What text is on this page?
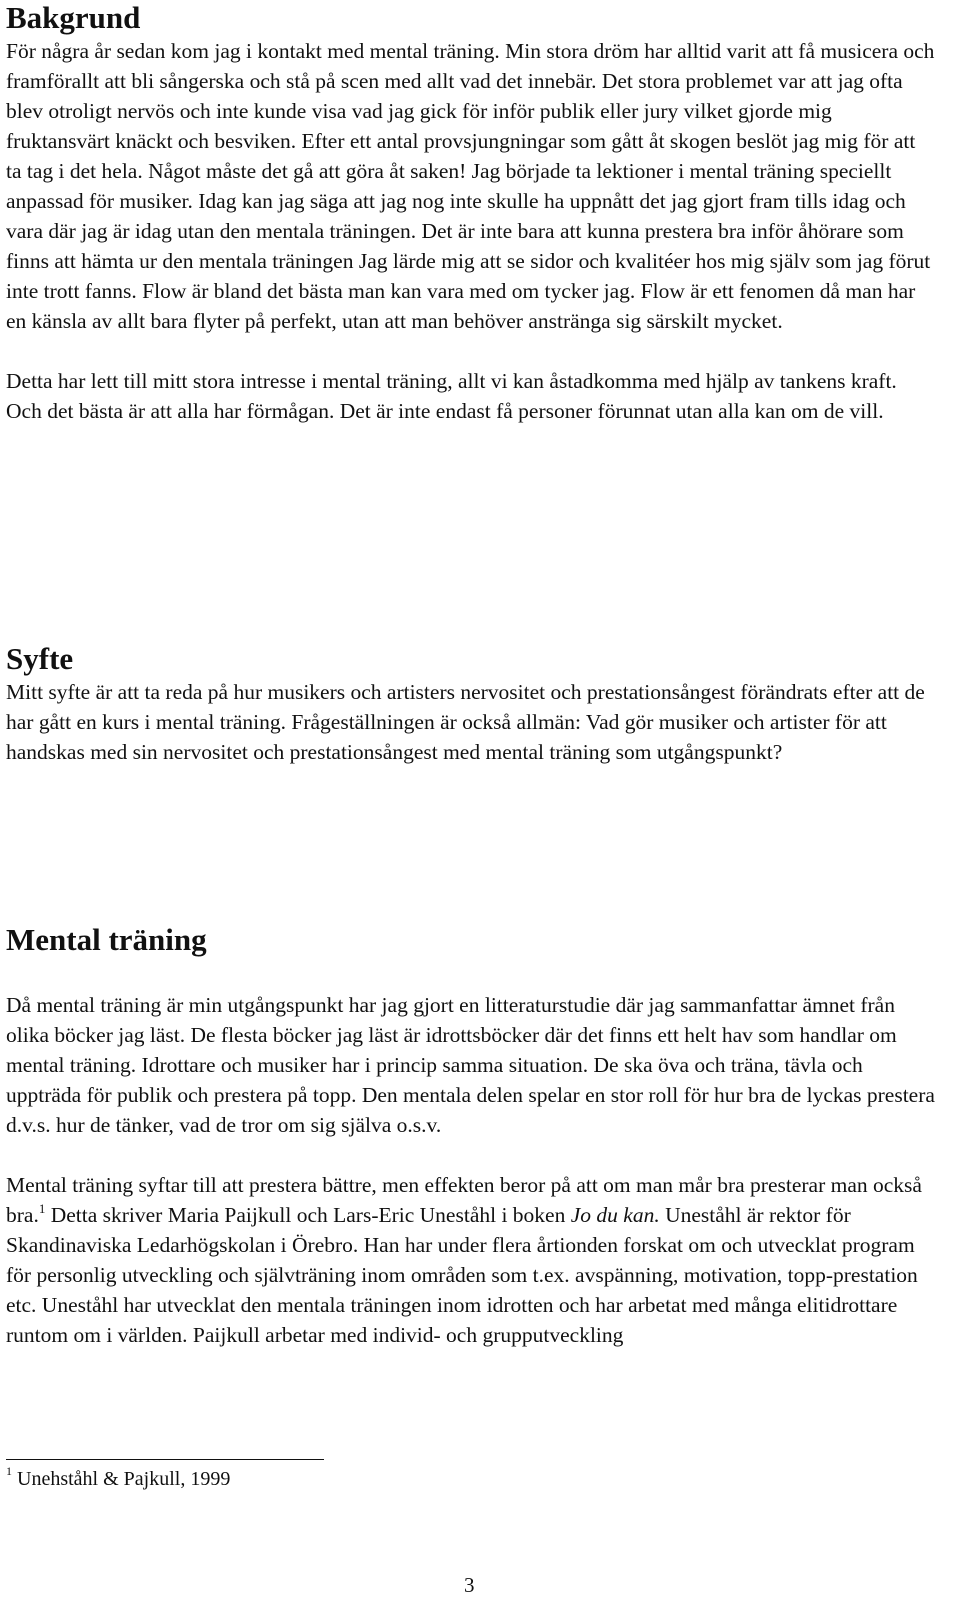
Bakgrund

För några år sedan kom jag i kontakt med mental träning. Min stora dröm har alltid varit att få musicera och framförallt att bli sångerska och stå på scen med allt vad det innebär. Det stora problemet var att jag ofta blev otroligt nervös och inte kunde visa vad jag gick för inför publik eller jury vilket gjorde mig fruktansvärt knäckt och besviken. Efter ett antal provsjungningar som gått åt skogen beslöt jag mig för att ta tag i det hela. Något måste det gå att göra åt saken! Jag började ta lektioner i mental träning speciellt anpassad för musiker. Idag kan jag säga att jag nog inte skulle ha uppnått det jag gjort fram tills idag och vara där jag är idag utan den mentala träningen. Det är inte bara att kunna prestera bra inför åhörare som finns att hämta ur den mentala träningen Jag lärde mig att se sidor och kvalitéer hos mig själv som jag förut inte trott fanns. Flow är bland det bästa man kan vara med om tycker jag. Flow är ett fenomen då man har en känsla av allt bara flyter på perfekt, utan att man behöver anstränga sig särskilt mycket.

Detta har lett till mitt stora intresse i mental träning, allt vi kan åstadkomma med hjälp av tankens kraft. Och det bästa är att alla har förmågan. Det är inte endast få personer förunnat utan alla kan om de vill.

Syfte

Mitt syfte är att ta reda på hur musikers och artisters nervositet och prestationsångest förändrats efter att de har gått en kurs i mental träning. Frågeställningen är också allmän: Vad gör musiker och artister för att handskas med sin nervositet och prestationsångest med mental träning som utgångspunkt?

Mental träning

Då mental träning är min utgångspunkt har jag gjort en litteraturstudie där jag sammanfattar ämnet från olika böcker jag läst. De flesta böcker jag läst är idrottsböcker där det finns ett helt hav som handlar om mental träning. Idrottare och musiker har i princip samma situation. De ska öva och träna, tävla och uppträda för publik och prestera på topp. Den mentala delen spelar en stor roll för hur bra de lyckas prestera d.v.s. hur de tänker, vad de tror om sig själva o.s.v.

Mental träning syftar till att prestera bättre, men effekten beror på att om man mår bra presterar man också bra.$^1$ Detta skriver Maria Paijkull och Lars-Eric Uneståhl i boken Jo du kan. Uneståhl är rektor för Skandinaviska Ledarhögskolan i Örebro. Han har under flera årtionden forskat om och utvecklat program för personlig utveckling och självträning inom områden som t.ex. avspänning, motivation, topp-prestation etc. Uneståhl har utvecklat den mentala träningen inom idrotten och har arbetat med många elitidrottare runtom om i världen. Paijkull arbetar med individ- och grupputveckling

$^1$ Unehståhl & Pajkull, 1999
3
